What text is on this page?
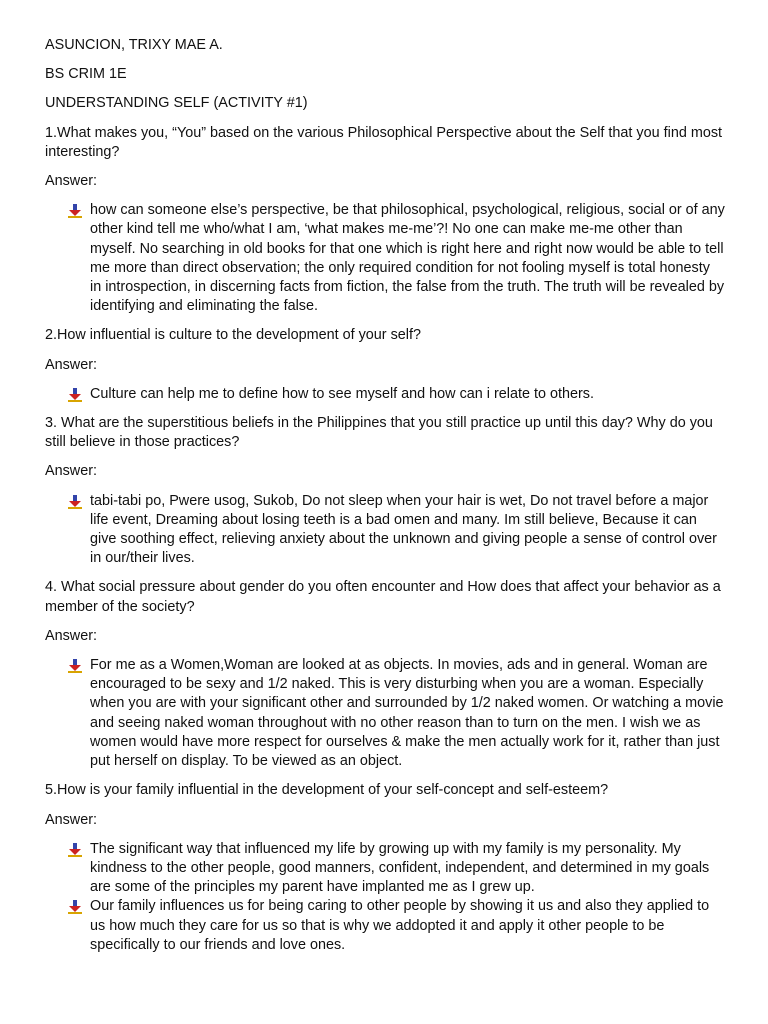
ASUNCION, TRIXY MAE A.
BS CRIM 1E
UNDERSTANDING SELF (ACTIVITY #1)
1.What makes you, “You” based on the various Philosophical Perspective about the Self that you find most interesting?
Answer:
how can someone else’s perspective, be that philosophical, psychological, religious, social or of any other kind tell me who/what I am, ‘what makes me-me’?! No one can make me-me other than myself. No searching in old books for that one which is right here and right now would be able to tell me more than direct observation; the only required condition for not fooling myself is total honesty in introspection, in discerning facts from fiction, the false from the truth. The truth will be revealed by identifying and eliminating the false.
2.How influential is culture to the development of your self?
Answer:
Culture can help me to define how to see myself and how can i relate to others.
3. What are the superstitious beliefs in the Philippines that you still practice up until this day? Why do you still believe in those practices?
Answer:
tabi-tabi po, Pwere usog, Sukob, Do not sleep when your hair is wet, Do not travel before a major life event, Dreaming about losing teeth is a bad omen and many. Im still believe, Because it can give soothing effect, relieving anxiety about the unknown and giving people a sense of control over in our/their lives.
4. What social pressure about gender do you often encounter and How does that affect your behavior as a member of the society?
Answer:
For me as a Women,Woman are looked at as objects. In movies, ads and in general. Woman are encouraged to be sexy and 1/2 naked. This is very disturbing when you are a woman. Especially when you are with your significant other and surrounded by 1/2 naked women. Or watching a movie and seeing naked woman throughout with no other reason than to turn on the men. I wish we as women would have more respect for ourselves & make the men actually work for it, rather than just put herself on display. To be viewed as an object.
5.How is your family influential in the development of your self-concept and self-esteem?
Answer:
The significant way that influenced my life by growing up with my family is my personality. My kindness to the other people, good manners, confident, independent, and determined in my goals are some of the principles my parent have implanted me as I grew up.
Our family influences us for being caring to other people by showing it us and also they applied to us how much they care for us so that is why we addopted it and apply it other people to be specifically to our friends and love ones.
